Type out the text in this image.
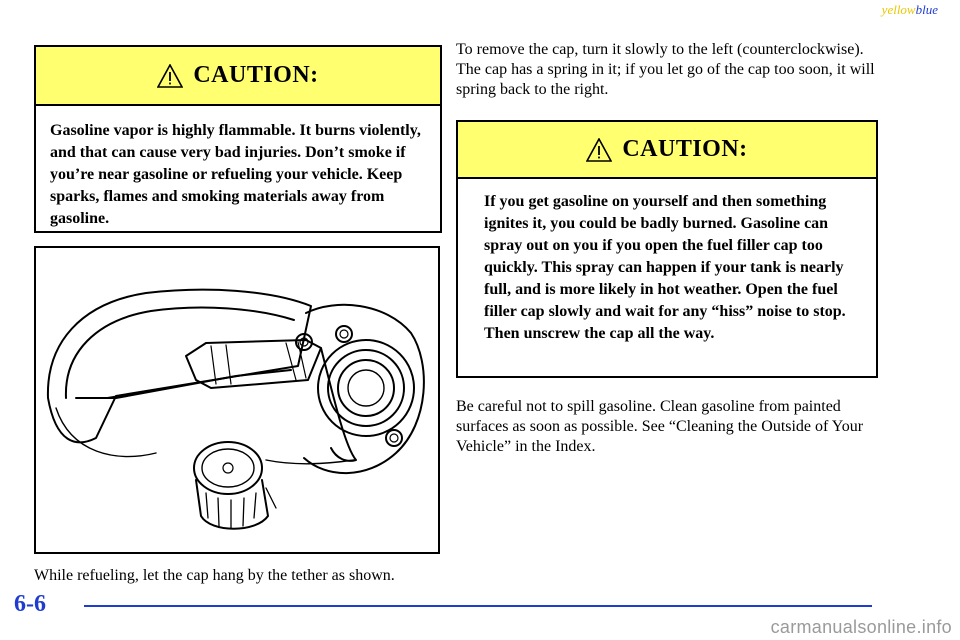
yellowblue
CAUTION:
Gasoline vapor is highly flammable. It burns violently, and that can cause very bad injuries. Don’t smoke if you’re near gasoline or refueling your vehicle. Keep sparks, flames and smoking materials away from gasoline.
While refueling, let the cap hang by the tether as shown.
To remove the cap, turn it slowly to the left (counterclockwise). The cap has a spring in it; if you let go of the cap too soon, it will spring back to the right.
CAUTION:
If you get gasoline on yourself and then something ignites it, you could be badly burned. Gasoline can spray out on you if you open the fuel filler cap too quickly. This spray can happen if your tank is nearly full, and is more likely in hot weather. Open the fuel filler cap slowly and wait for any “hiss” noise to stop. Then unscrew the cap all the way.
Be careful not to spill gasoline. Clean gasoline from painted surfaces as soon as possible. See “Cleaning the Outside of Your Vehicle” in the Index.
6-6
carmanualsonline.info
